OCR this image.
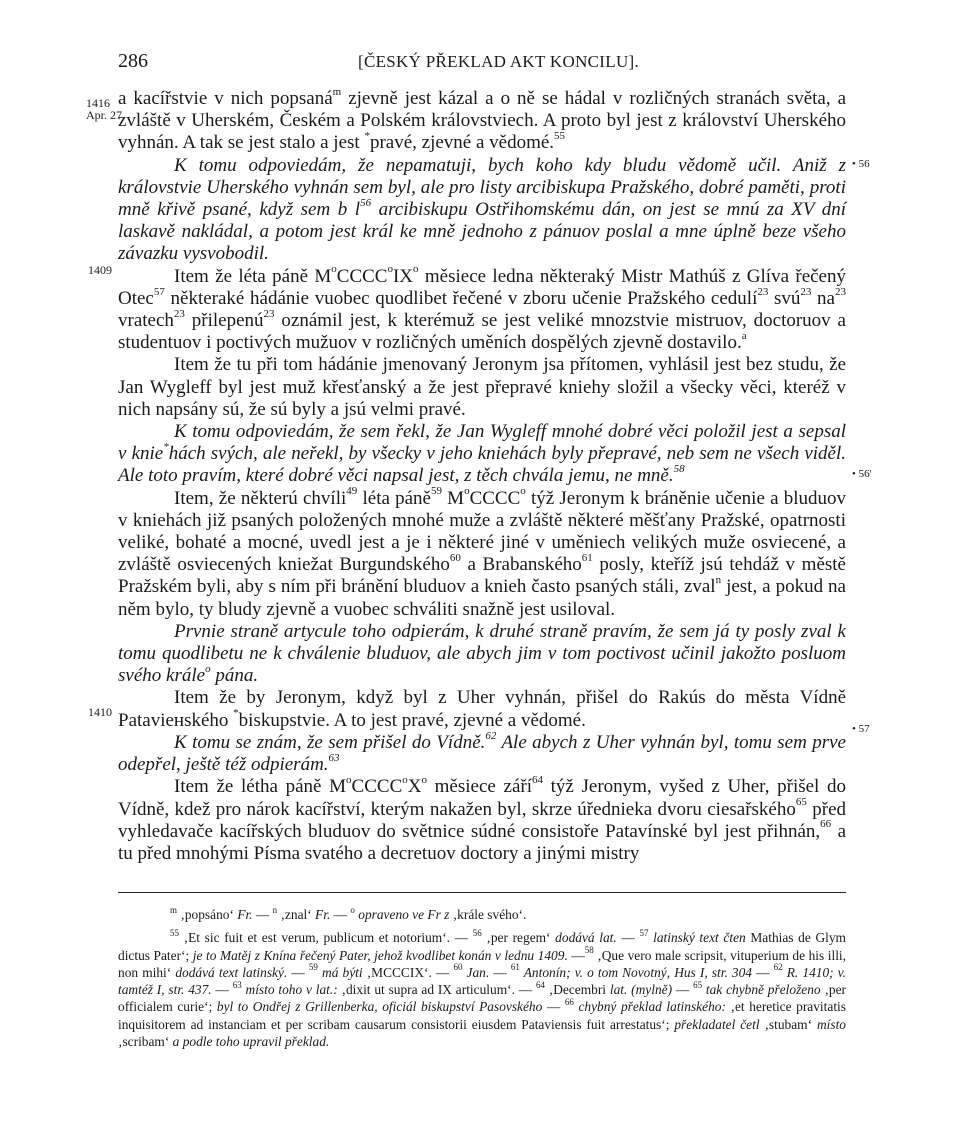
286	[ČESKÝ PŘEKLAD AKT KONCILU].
1416
Apr. 27
1409
1410
• 56
• 56'
• 57

a kacířstvie v nich popsaná$^m$ zjevně jest kázal a o ně se hádal v rozličných stranách světa, a zvláště v Uherském, Českém a Polském královstviech. A proto byl jest z království Uherského vyhnán. A tak se jest stalo a jest *pravé, zjevné a vědomé.$^{55}$

K tomu odpoviedám, že nepamatuji, bych koho kdy bludu vědomě učil. Aniž z královstvie Uherského vyhnán sem byl, ale pro listy arcibiskupa Pražského, dobré paměti, proti mně křivě psané, když sem b $l^{56}$ arcibiskupu Ostřihomskému dán, on jest se mnú za XV dní laskavě nakládal, a potom jest král ke mně jednoho z pánuov poslal a mne úplně beze všeho závazku vysvobodil.

Item že léta páně $M^oCCCC^oIX^o$ měsiece ledna některaký Mistr Mathúš z Glíva řečený Otec$^{57}$ některaké hádánie vuobec quodlibet řečené v zboru učenie Pražského cedulí$^{23}$ svú$^{23}$ $na^{23}$ vratech$^{23}$ přilepenú$^{23}$ oznámil jest, k kterémuž se jest veliké mnozstvie mistruov, doctoruov a studentuov i poctivých mužuov v rozličných uměních dospělých zjevně dostavilo.$^a$

Item že tu při tom hádánie jmenovaný Jeronym jsa přítomen, vyhlásil jest bez studu, že Jan Wygleff byl jest muž křesťanský a že jest přepravé kniehy složil a všecky věci, kteréž v nich napsány sú, že sú byly a jsú velmi pravé.

K tomu odpoviedám, že sem řekl, že Jan Wygleff mnohé dobré věci položil jest a sepsal v knie*hách svých, ale neřekl, by všecky v jeho kniehách byly přepravé, neb sem ne všech viděl. Ale toto pravím, které dobré věci napsal jest, z těch chvála jemu, ne mně.$^{58}$

Item, že některú chvíli$^{49}$ léta páně$^{59}$ $M^oCCCC^o$ týž Jeronym k bráněnie učenie a bluduov v kniehách již psaných položených mnohé muže a zvláště některé měšťany Pražské, opatrnosti veliké, bohaté a mocné, uvedl jest a je i některé jiné v uměniech velikých muže osviecené, a zvláště osviecených kniežat Burgundského$^{60}$ a Brabanského$^{61}$ posly, kteříž jsú tehdáž v městě Pražském byli, aby s ním při bránění bluduov a knieh často psaných stáli, zval$^n$ jest, a pokud na něm bylo, ty bludy zjevně a vuobec schváliti snažně jest usiloval.

Prvnie straně artycule toho odpierám, k druhé straně pravím, že sem já ty posly zval k tomu quodlibetu ne k chválenie bluduov, ale abych jim v tom poctivost učinil jakožto posluom svého králе$^o$ pána.

Item že by Jeronym, když byl z Uher vyhnán, přišel do Rakús do města Vídně Pataviенského *biskupstvie. A to jest pravé, zjevné a vědomé.

K tomu se znám, že sem přišel do Vídně.$^{62}$ Ale abych z Uher vyhnán byl, tomu sem prve odepřel, ještě též odpierám.$^{63}$

Item že léthа páně $M^oCCCC^oX^o$ měsiece září$^{64}$ týž Jeronym, vyšed z Uher, přišel do Vídně, kdež pro nárok kacířství, kterým nakažen byl, skrze úřednieka dvoru ciesařského$^{65}$ před vyhledavače kacířských bluduov do světnice súdné consistoře Patavínské byl jest přihnán,$^{66}$ a tu před mnohými Písma svatého a decretuov doctory a jinými mistry

$^m$ ‚popsáno‘ Fr. — $^n$ ‚znal‘ Fr. — $^o$ opraveno ve Fr z ‚krále svého‘.

$^{55}$ ‚Et sic fuit et est verum, publicum et notorium‘. — $^{56}$ ‚per regem‘ dodává lat. — $^{57}$ latinský text čten Mathias de Glym dictus Pater‘; je to Matěj z Knína řečený Pater, jehož kvodlibet konán v lednu 1409. —$^{58}$ ‚Que vero male scripsit, vituperium de his illi, non mihi‘ dodává text latinský. — $^{59}$ má býti ‚MCCCIX‘. — $^{60}$ Jan. — $^{61}$ Antonín; v. o tom Novotný, Hus I, str. 304 — $^{62}$ R. 1410; v. tamtéž I, str. 437. — $^{63}$ místo toho v lat.: ‚dixit ut supra ad IX articulum‘. — $^{64}$ ‚Decembri lat. (mylně) — $^{65}$ tak chybně přeloženo ‚per officialem curie‘; byl to Ondřej z Grillenberka, oficiál biskupství Pasovského — $^{66}$ chybný překlad latinského: ‚et heretice pravitatis inquisitorem ad instanciam et per scribam causarum consistorii eiusdem Pataviensis fuit arrestatus‘; překladatel četl ‚stubam‘ místo ‚scribam‘ a podle toho upravil překlad.
